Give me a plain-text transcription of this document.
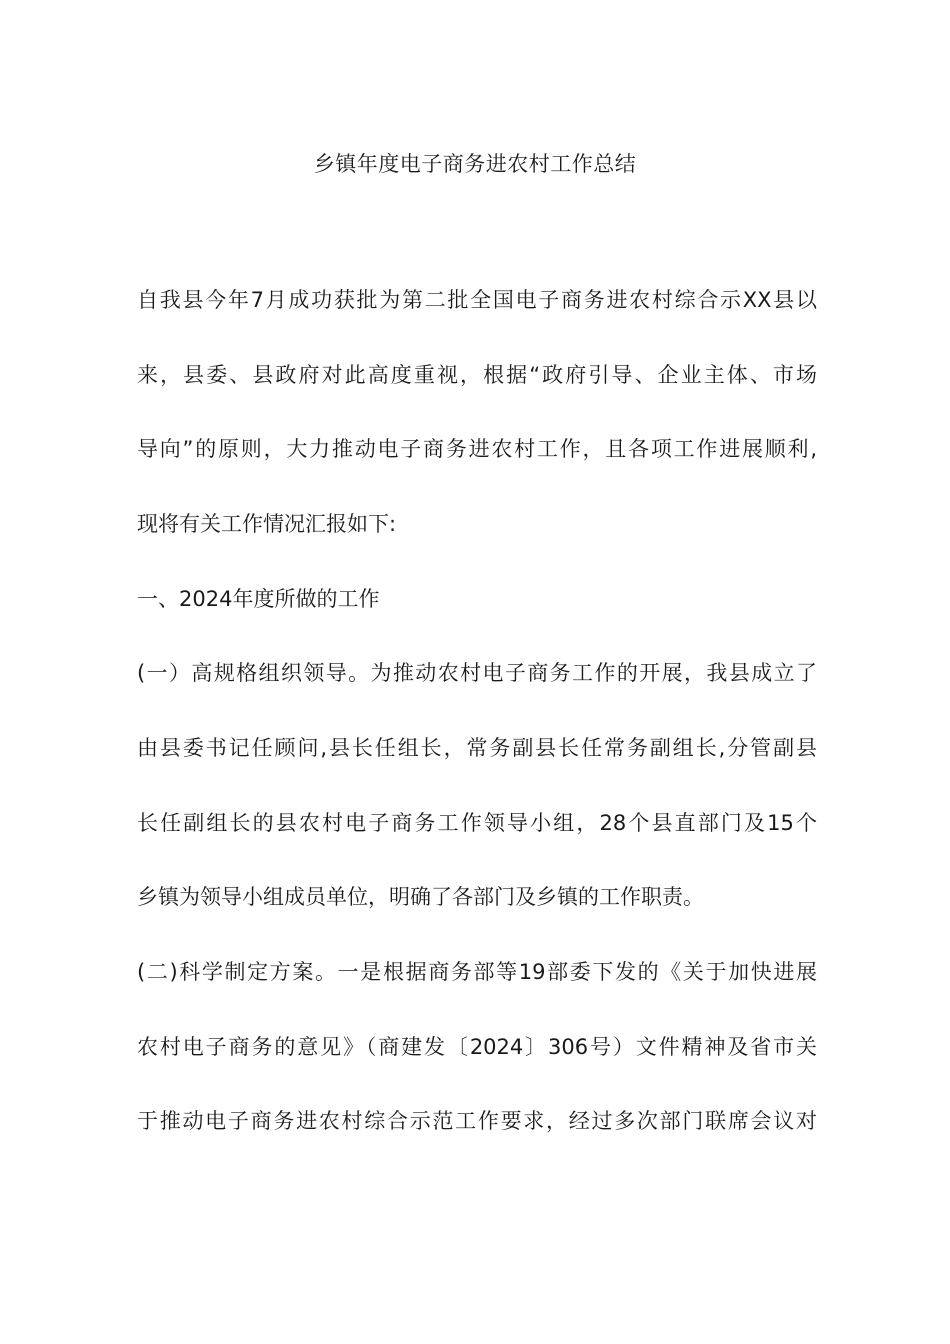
乡镇年度电子商务进农村工作总结
自我县今年7月成功获批为第二批全国电子商务进农村综合示XX县以
来，县委、县政府对此高度重视，根据“政府引导、企业主体、市场
导向”的原则，大力推动电子商务进农村工作，且各项工作进展顺利,
现将有关工作情况汇报如下:
一、2024年度所做的工作
(一）高规格组织领导。为推动农村电子商务工作的开展，我县成立了
由县委书记任顾问,县长任组长，常务副县长任常务副组长,分管副县
长任副组长的县农村电子商务工作领导小组，28个县直部门及15个
乡镇为领导小组成员单位，明确了各部门及乡镇的工作职责。
(二)科学制定方案。一是根据商务部等19部委下发的《关于加快进展
农村电子商务的意见》（商建发〔2024〕306号）文件精神及省市关
于推动电子商务进农村综合示范工作要求，经过多次部门联席会议对
